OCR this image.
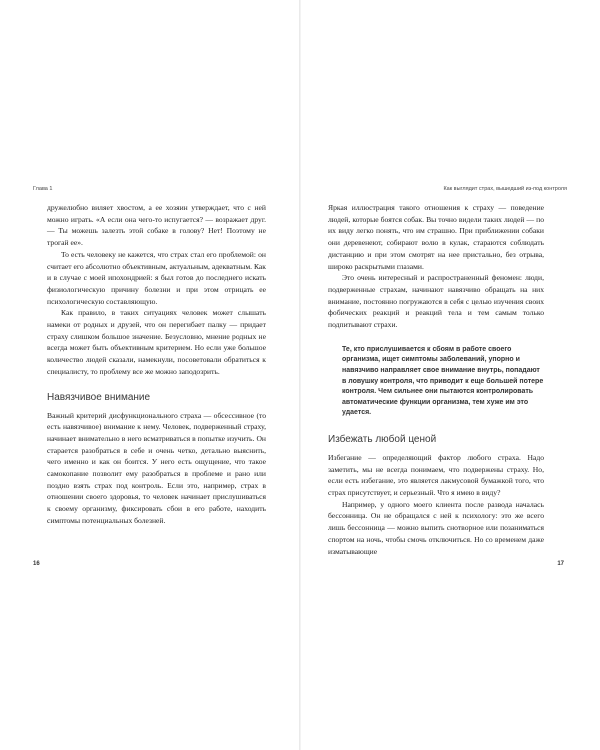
Глава 1

дружелюбно виляет хвостом, а ее хозяин утверждает, что с ней можно играть. «А если она чего-то испугается? — возражает друг. — Ты можешь залезть этой собаке в голову? Нет! Поэтому не трогай ее».

То есть человеку не кажется, что страх стал его проблемой: он считает его абсолютно объективным, актуальным, адекватным. Как и в случае с моей ипохондрией: я был готов до последнего искать физиологическую причину болезни и при этом отрицать ее психологическую составляющую.

Как правило, в таких ситуациях человек может слышать намеки от родных и друзей, что он перегибает палку — придает страху слишком большое значение. Безусловно, мнение родных не всегда может быть объективным критерием. Но если уже большое количество людей сказали, намекнули, посоветовали обратиться к специалисту, то проблему все же можно заподозрить.

Навязчивое внимание

Важный критерий дисфункционального страха — обсессивное (то есть навязчивое) внимание к нему. Человек, подверженный страху, начинает внимательно в него всматриваться в попытке изучить. Он старается разобраться в себе и очень четко, детально выяснить, чего именно и как он боится. У него есть ощущение, что такое самокопание позволит ему разобраться в проблеме и рано или поздно взять страх под контроль. Если это, например, страх в отношении своего здоровья, то человек начинает прислушиваться к своему организму, фиксировать сбои в его работе, находить симптомы потенциальных болезней.

16
Как выглядит страх, вышедший из-под контроля

Яркая иллюстрация такого отношения к страху — поведение людей, которые боятся собак. Вы точно видели таких людей — по их виду легко понять, что им страшно. При приближении собаки они деревенеют, собирают волю в кулак, стараются соблюдать дистанцию и при этом смотрят на нее пристально, без отрыва, широко раскрытыми глазами.

Это очень интересный и распространенный феномен: люди, подверженные страхам, начинают навязчиво обращать на них внимание, постоянно погружаются в себя с целью изучения своих фобических реакций и реакций тела и тем самым только подпитывают страхи.

Те, кто прислушивается к сбоям в работе своего организма, ищет симптомы заболеваний, упорно и навязчиво направляет свое внимание внутрь, попадают в ловушку контроля, что приводит к еще большей потере контроля. Чем сильнее они пытаются контролировать автоматические функции организма, тем хуже им это удается.
Избежать любой ценой

Избегание — определяющий фактор любого страха. Надо заметить, мы не всегда понимаем, что подвержены страху. Но, если есть избегание, это является лакмусовой бумажкой того, что страх присутствует, и серьезный. Что я имею в виду?

Например, у одного моего клиента после развода началась бессонница. Он не обращался с ней к психологу: это же всего лишь бессонница — можно выпить снотворное или позаниматься спортом на ночь, чтобы смочь отключиться. Но со временем даже изматывающие

17
